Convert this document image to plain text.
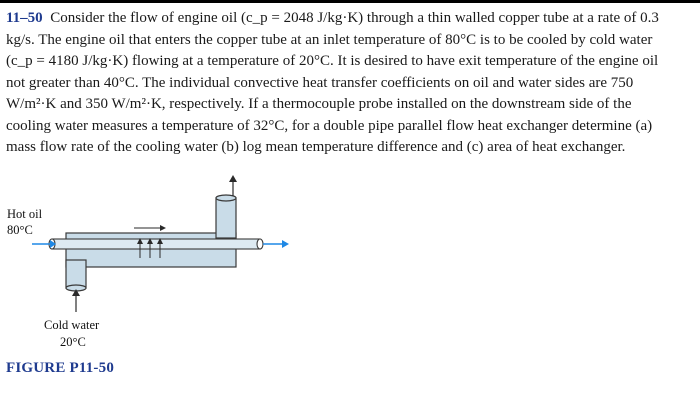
11–50 Consider the flow of engine oil (c_p = 2048 J/kg·K) through a thin walled copper tube at a rate of 0.3
kg/s. The engine oil that enters the copper tube at an inlet temperature of 80°C is to be cooled by cold water
(c_p = 4180 J/kg·K) flowing at a temperature of 20°C. It is desired to have exit temperature of the engine oil
not greater than 40°C. The individual convective heat transfer coefficients on oil and water sides are 750
W/m²·K and 350 W/m²·K, respectively. If a thermocouple probe installed on the downstream side of the
cooling water measures a temperature of 32°C, for a double pipe parallel flow heat exchanger determine (a)
mass flow rate of the cooling water (b) log mean temperature difference and (c) area of heat exchanger.
Hot oil
80°C
Cold water
20°C
FIGURE P11-50
